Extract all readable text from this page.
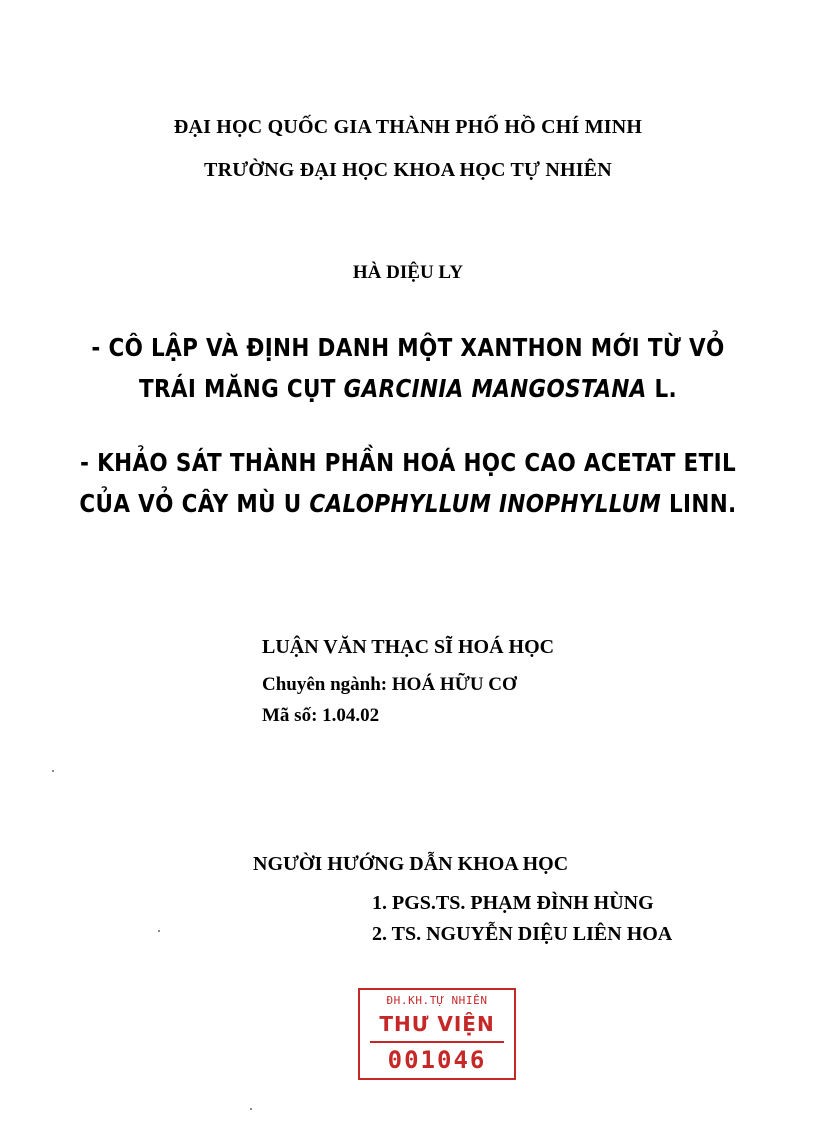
ĐẠI HỌC QUỐC GIA THÀNH PHỐ HỒ CHÍ MINH
TRƯỜNG ĐẠI HỌC KHOA HỌC TỰ NHIÊN
HÀ DIỆU LY
- CÔ LẬP VÀ ĐỊNH DANH MỘT XANTHON MỚI TỪ VỎ
TRÁI MĂNG CỤT GARCINIA MANGOSTANA L.
- KHẢO SÁT THÀNH PHẦN HOÁ HỌC CAO ACETAT ETIL
CỦA VỎ CÂY MÙ U CALOPHYLLUM INOPHYLLUM LINN.
LUẬN VĂN THẠC SĨ HOÁ HỌC
Chuyên ngành: HOÁ HỮU CƠ
Mã số: 1.04.02
NGƯỜI HƯỚNG DẪN KHOA HỌC
1. PGS.TS. PHẠM ĐÌNH HÙNG
2. TS. NGUYỄN DIỆU LIÊN HOA
ĐH.KH.TỰ NHIÊN
THƯ VIỆN
001046
